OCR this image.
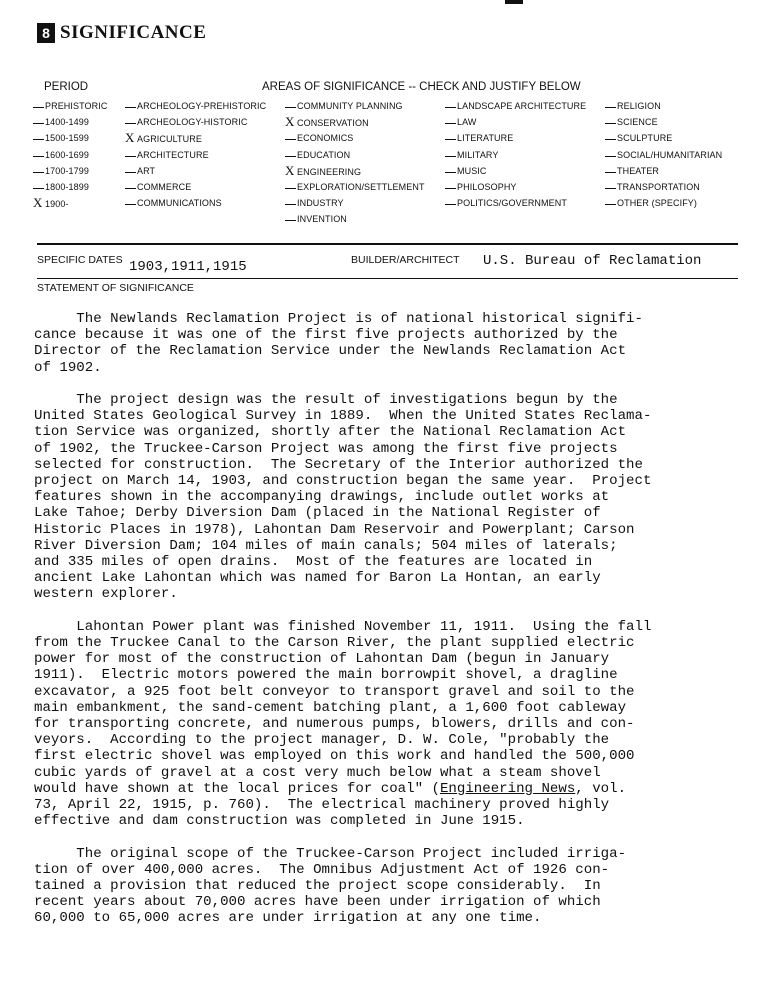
8 SIGNIFICANCE
PERIOD	AREAS OF SIGNIFICANCE -- CHECK AND JUSTIFY BELOW
PREHISTORIC
1400-1499
1500-1599
1600-1699
1700-1799
1800-1899
X 1900-
ARCHEOLOGY-PREHISTORIC
ARCHEOLOGY-HISTORIC
X AGRICULTURE
ARCHITECTURE
ART
COMMERCE
COMMUNICATIONS
COMMUNITY PLANNING
X CONSERVATION
ECONOMICS
EDUCATION
X ENGINEERING
EXPLORATION/SETTLEMENT
INDUSTRY
INVENTION
LANDSCAPE ARCHITECTURE
LAW
LITERATURE
MILITARY
MUSIC
PHILOSOPHY
POLITICS/GOVERNMENT
RELIGION
SCIENCE
SCULPTURE
SOCIAL/HUMANITARIAN
THEATER
TRANSPORTATION
OTHER (SPECIFY)
SPECIFIC DATES 1903,1911,1915	BUILDER/ARCHITECT U.S. Bureau of Reclamation
STATEMENT OF SIGNIFICANCE

The Newlands Reclamation Project is of national historical signifi-
cance because it was one of the first five projects authorized by the
Director of the Reclamation Service under the Newlands Reclamation Act
of 1902.

The project design was the result of investigations begun by the
United States Geological Survey in 1889.  When the United States Reclama-
tion Service was organized, shortly after the National Reclamation Act
of 1902, the Truckee-Carson Project was among the first five projects
selected for construction.  The Secretary of the Interior authorized the
project on March 14, 1903, and construction began the same year.  Project
features shown in the accompanying drawings, include outlet works at
Lake Tahoe; Derby Diversion Dam (placed in the National Register of
Historic Places in 1978), Lahontan Dam Reservoir and Powerplant; Carson
River Diversion Dam; 104 miles of main canals; 504 miles of laterals;
and 335 miles of open drains.  Most of the features are located in
ancient Lake Lahontan which was named for Baron La Hontan, an early
western explorer.

Lahontan Power plant was finished November 11, 1911.  Using the fall
from the Truckee Canal to the Carson River, the plant supplied electric
power for most of the construction of Lahontan Dam (begun in January
1911).  Electric motors powered the main borrowpit shovel, a dragline
excavator, a 925 foot belt conveyor to transport gravel and soil to the
main embankment, the sand-cement batching plant, a 1,600 foot cableway
for transporting concrete, and numerous pumps, blowers, drills and con-
veyors.  According to the project manager, D. W. Cole, "probably the
first electric shovel was employed on this work and handled the 500,000
cubic yards of gravel at a cost very much below what a steam shovel
would have shown at the local prices for coal" (Engineering News, vol.
73, April 22, 1915, p. 760).  The electrical machinery proved highly
effective and dam construction was completed in June 1915.

The original scope of the Truckee-Carson Project included irriga-
tion of over 400,000 acres.  The Omnibus Adjustment Act of 1926 con-
tained a provision that reduced the project scope considerably.  In
recent years about 70,000 acres have been under irrigation of which
60,000 to 65,000 acres are under irrigation at any one time.
